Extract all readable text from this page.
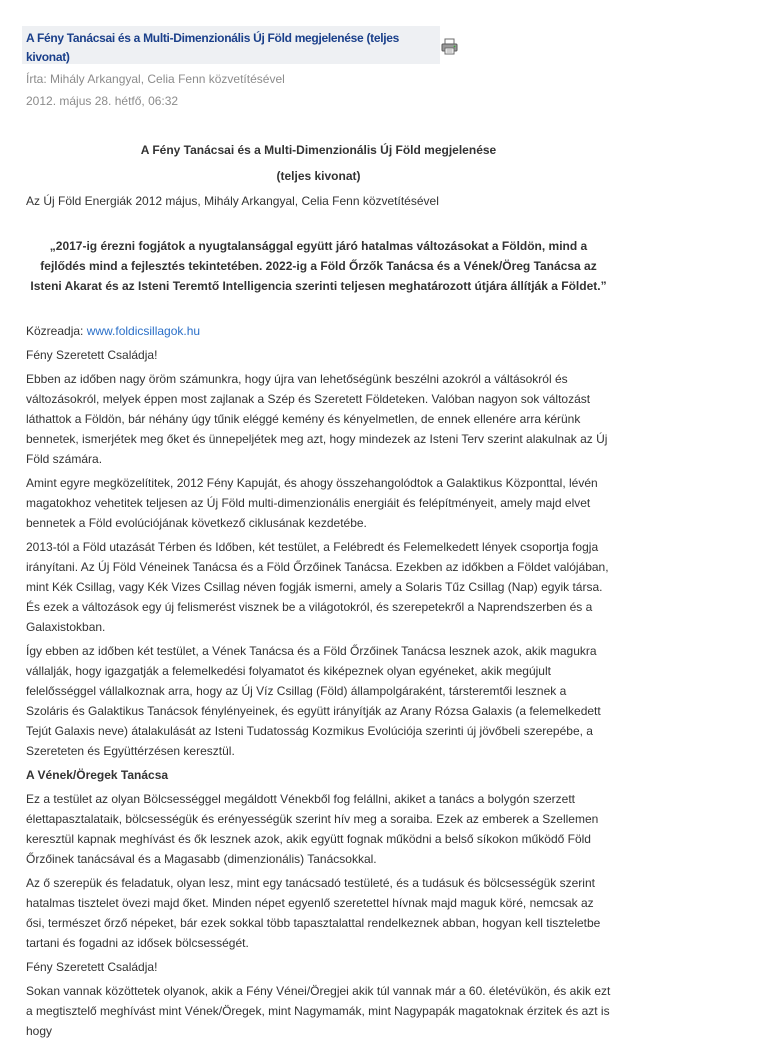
A Fény Tanácsai és a Multi-Dimenzionális Új Föld megjelenése (teljes kivonat)

Írta: Mihály Arkangyal, Celia Fenn közvetítésével

2012. május 28. hétfő, 06:32

A Fény Tanácsai és a Multi-Dimenzionális Új Föld megjelenése

(teljes kivonat)

Az Új Föld Energiák 2012 május, Mihály Arkangyal, Celia Fenn közvetítésével

„2017-ig érezni fogjátok a nyugtalansággal együtt járó hatalmas változásokat a Földön, mind a fejlődés mind a fejlesztés tekintetében. 2022-ig a Föld Őrzők Tanácsa és a Vének/Öreg Tanácsa az Isteni Akarat és az Isteni Teremtő Intelligencia szerinti teljesen meghatározott útjára állítják a Földet.”

Közreadja: www.foldicsillagok.hu

Fény Szeretett Családja!

Ebben az időben nagy öröm számunkra, hogy újra van lehetőségünk beszélni azokról a váltásokról és változásokról, melyek éppen most zajlanak a Szép és Szeretett Földeteken. Valóban nagyon sok változást láthattok a Földön, bár néhány úgy tűnik eléggé kemény és kényelmetlen, de ennek ellenére arra kérünk bennetek, ismerjétek meg őket és ünnepeljétek meg azt, hogy mindezek az Isteni Terv szerint alakulnak az Új Föld számára.

Amint egyre megközelítitek, 2012 Fény Kapuját, és ahogy összehangolódtok a Galaktikus Központtal, lévén magatokhoz vehetitek teljesen az Új Föld multi-dimenzionális energiáit és felépítményeit, amely majd elvet bennetek a Föld evolúciójának következő ciklusának kezdetébe.

2013-tól a Föld utazását Térben és Időben, két testület, a Felébredt és Felemelkedett lények csoportja fogja irányítani. Az Új Föld Véneinek Tanácsa és a Föld Őrzőinek Tanácsa. Ezekben az időkben a Földet valójában, mint Kék Csillag, vagy Kék Vizes Csillag néven fogják ismerni, amely a Solaris Tűz Csillag (Nap) egyik társa. És ezek a változások egy új felismerést visznek be a világotokról, és szerepetekről a Naprendszerben és a Galaxistokban.

Így ebben az időben két testület, a Vének Tanácsa és a Föld Őrzőinek Tanácsa lesznek azok, akik magukra vállalják, hogy igazgatják a felemelkedési folyamatot és kiképeznek olyan egyéneket, akik megújult felelősséggel vállalkoznak arra, hogy az Új Víz Csillag (Föld) állampolgáraként, társteremtői lesznek a Szoláris és Galaktikus Tanácsok fénylényeinek, és együtt irányítják az Arany Rózsa Galaxis (a felemelkedett Tejút Galaxis neve) átalakulását az Isteni Tudatosság Kozmikus Evolúciója szerinti új jövőbeli szerepébe, a Szereteten és Együttérzésen keresztül.

A Vének/Öregek Tanácsa

Ez a testület az olyan Bölcsességgel megáldott Vénekből fog felállni, akiket a tanács a bolygón szerzett élettapasztalataik, bölcsességük és erényességük szerint hív meg a soraiba. Ezek az emberek a Szellemen keresztül kapnak meghívást és ők lesznek azok, akik együtt fognak működni a belső síkokon működő Föld Őrzőinek tanácsával és a Magasabb (dimenzionális) Tanácsokkal.

Az ő szerepük és feladatuk, olyan lesz, mint egy tanácsadó testületé, és a tudásuk és bölcsességük szerint hatalmas tisztelet övezi majd őket. Minden népet egyenlő szeretettel hívnak majd maguk köré, nemcsak az ősi, természet őrző népeket, bár ezek sokkal több tapasztalattal rendelkeznek abban, hogyan kell tiszteletbe tartani és fogadni az idősek bölcsességét.

Fény Szeretett Családja!

Sokan vannak közöttetek olyanok, akik a Fény Vénei/Öregjei akik túl vannak már a 60. életévükön, és akik ezt a megtisztelő meghívást mint Vének/Öregek, mint Nagymamák, mint Nagypapák magatoknak érzitek és azt is hogy
